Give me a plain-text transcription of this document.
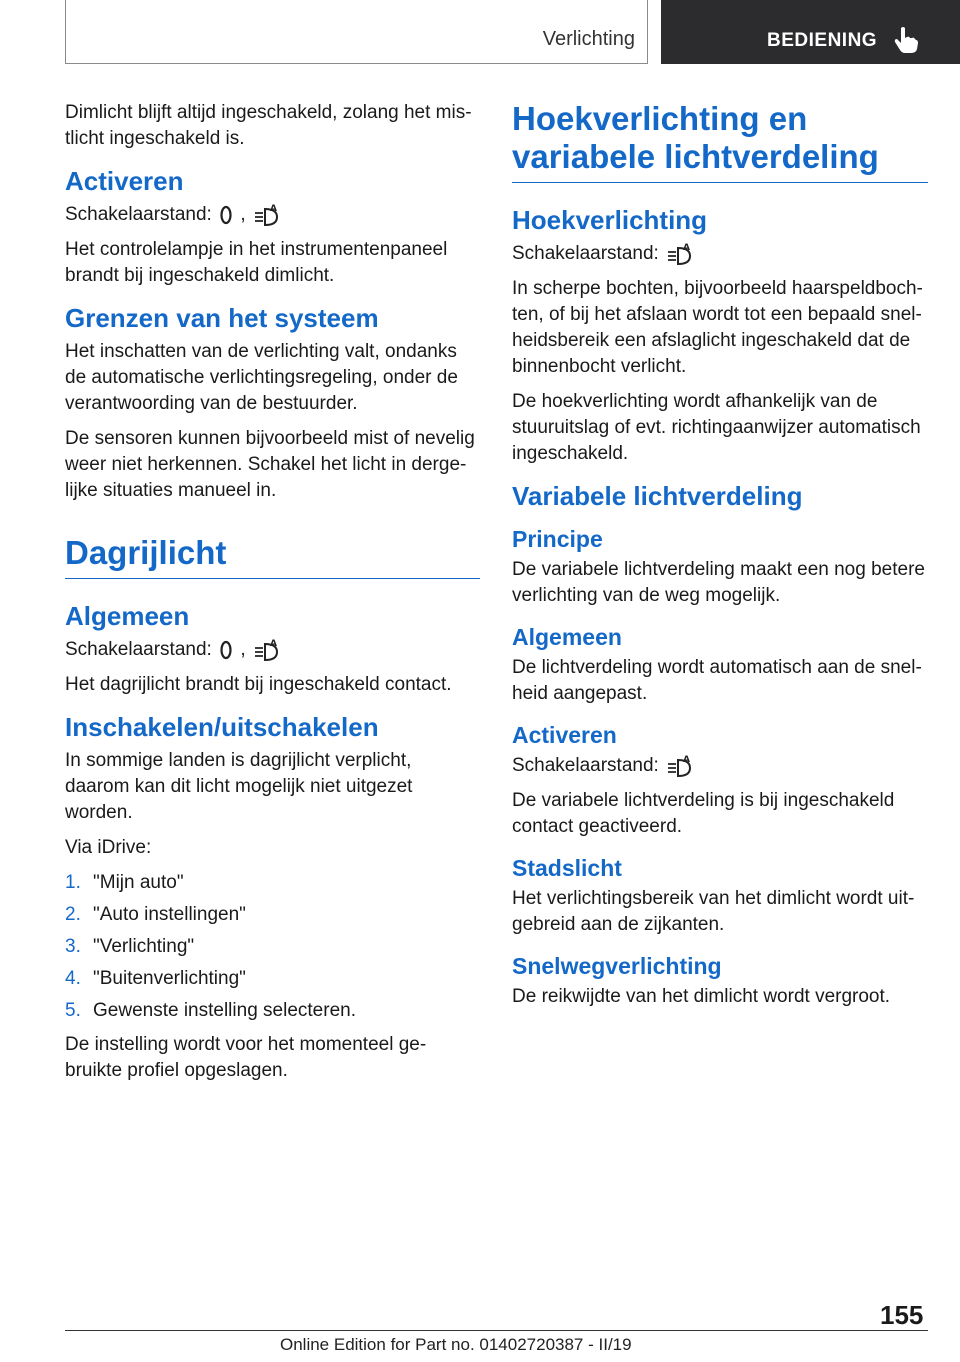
Verlichting	BEDIENING

Dimlicht blijft altijd ingeschakeld, zolang het mis-tlicht ingeschakeld is.

Activeren

Schakelaarstand: ,	A

Het controlelampje in het instrumentenpaneel brandt bij ingeschakeld dimlicht.

Grenzen van het systeem

Het inschatten van de verlichting valt, ondanks de automatische verlichtingsregeling, onder de verantwoording van de bestuurder.

De sensoren kunnen bijvoorbeeld mist of nevelig weer niet herkennen. Schakel het licht in derge-lijke situaties manueel in.

Dagrijlicht
Algemeen

Schakelaarstand: ,	A

Het dagrijlicht brandt bij ingeschakeld contact.

Inschakelen/uitschakelen

In sommige landen is dagrijlicht verplicht, daarom kan dit licht mogelijk niet uitgezet worden.

Via iDrive:

1. "Mijn auto"
2. "Auto instellingen"
3. "Verlichting"
4. "Buitenverlichting"
5. Gewenste instelling selecteren.

De instelling wordt voor het momenteel ge-bruikte profiel opgeslagen.

Hoekverlichting en variabele lichtverdeling
Hoekverlichting

Schakelaarstand:	A

In scherpe bochten, bijvoorbeeld haarspeldboch-ten, of bij het afslaan wordt tot een bepaald snel-heidsbereik een afslaglicht ingeschakeld dat de binnenbocht verlicht.

De hoekverlichting wordt afhankelijk van de stuuruitslag of evt. richtingaanwijzer automatisch ingeschakeld.

Variabele lichtverdeling
Principe

De variabele lichtverdeling maakt een nog betere verlichting van de weg mogelijk.

Algemeen

De lichtverdeling wordt automatisch aan de snel-heid aangepast.

Activeren

Schakelaarstand:	A

De variabele lichtverdeling is bij ingeschakeld contact geactiveerd.

Stadslicht

Het verlichtingsbereik van het dimlicht wordt uit-gebreid aan de zijkanten.

Snelwegverlichting

De reikwijdte van het dimlicht wordt vergroot.

155
Online Edition for Part no. 01402720387 - II/19
